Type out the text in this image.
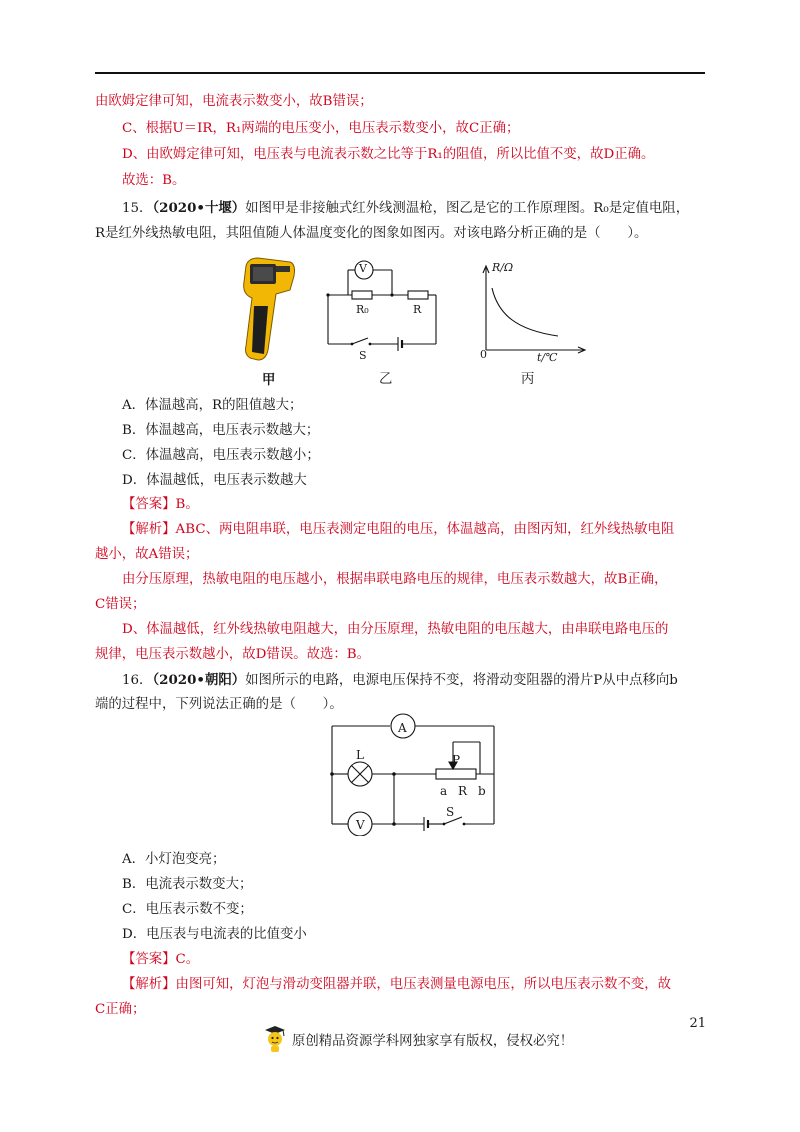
由欧姆定律可知，电流表示数变小，故B错误；
C、根据U＝IR，R₁两端的电压变小，电压表示数变小，故C正确；
D、由欧姆定律可知，电压表与电流表示数之比等于R₁的阻值，所以比值不变，故D正确。
故选：B。
15．（2020•十堰）如图甲是非接触式红外线测温枪，图乙是它的工作原理图。R₀是定值电阻，
R是红外线热敏电阻，其阻值随人体温度变化的图象如图丙。对该电路分析正确的是（　　）。
甲
V
R₀	R
S
乙
R/Ω
0	t/℃
丙
A．体温越高，R的阻值越大；
B．体温越高，电压表示数越大；
C．体温越高，电压表示数越小；
D．体温越低，电压表示数越大
【答案】B。
【解析】ABC、两电阻串联，电压表测定电阻的电压，体温越高，由图丙知，红外线热敏电阻
越小，故A错误；
由分压原理，热敏电阻的电压越小，根据串联电路电压的规律，电压表示数越大，故B正确，
C错误；
D、体温越低，红外线热敏电阻越大，由分压原理，热敏电阻的电压越大，由串联电路电压的
规律，电压表示数越小，故D错误。故选：B。
16．（2020•朝阳）如图所示的电路，电源电压保持不变，将滑动变阻器的滑片P从中点移向b
端的过程中，下列说法正确的是（　　）。
A
L	P
a R b
S
V
A．小灯泡变亮；
B．电流表示数变大；
C．电压表示数不变；
D．电压表与电流表的比值变小
【答案】C。
【解析】由图可知，灯泡与滑动变阻器并联，电压表测量电源电压，所以电压表示数不变，故
C正确；
21
原创精品资源学科网独家享有版权，侵权必究！
